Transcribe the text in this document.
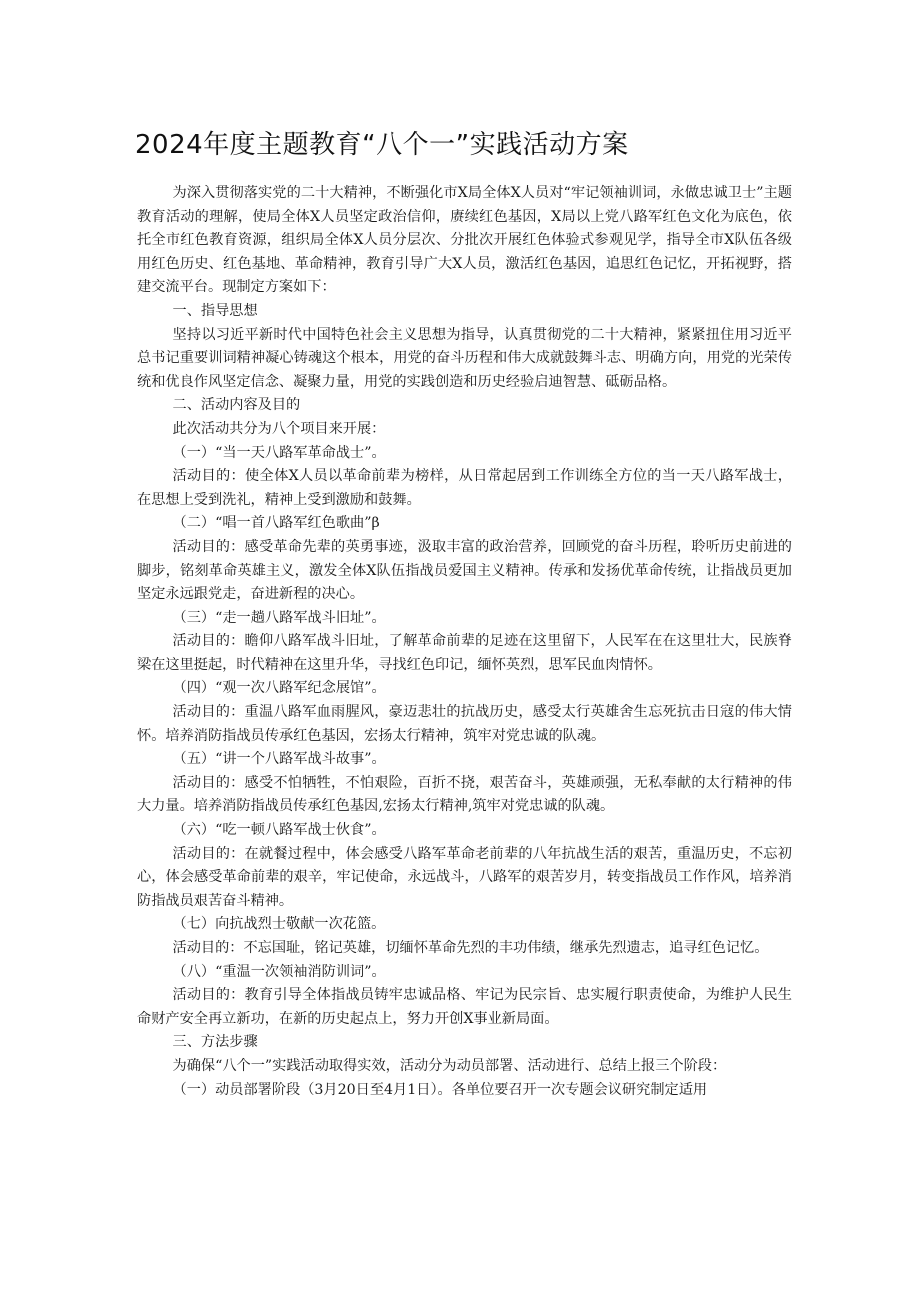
2024年度主题教育“八个一”实践活动方案

为深入贯彻落实党的二十大精神，不断强化市X局全体X人员对“牢记领袖训词，永做忠诚卫士”主题教育活动的理解，使局全体X人员坚定政治信仰，赓续红色基因，X局以上党八路军红色文化为底色，依托全市红色教育资源，组织局全体X人员分层次、分批次开展红色体验式参观见学，指导全市X队伍各级用红色历史、红色基地、革命精神，教育引导广大X人员，激活红色基因，追思红色记忆，开拓视野，搭建交流平台。现制定方案如下：

一、指导思想

坚持以习近平新时代中国特色社会主义思想为指导，认真贯彻党的二十大精神，紧紧扭住用习近平总书记重要训词精神凝心铸魂这个根本，用党的奋斗历程和伟大成就鼓舞斗志、明确方向，用党的光荣传统和优良作风坚定信念、凝聚力量，用党的实践创造和历史经验启迪智慧、砥砺品格。

二、活动内容及目的

此次活动共分为八个项目来开展：

（一）“当一天八路军革命战士”。

活动目的：使全体X人员以革命前辈为榜样，从日常起居到工作训练全方位的当一天八路军战士，在思想上受到洗礼，精神上受到激励和鼓舞。

（二）“唱一首八路军红色歌曲”β

活动目的：感受革命先辈的英勇事迹，汲取丰富的政治营养，回顾党的奋斗历程，聆听历史前进的脚步，铭刻革命英雄主义，激发全体X队伍指战员爱国主义精神。传承和发扬优革命传统，让指战员更加坚定永远跟党走，奋进新程的决心。

（三）“走一趟八路军战斗旧址”。

活动目的：瞻仰八路军战斗旧址，了解革命前辈的足迹在这里留下，人民军在在这里壮大，民族脊梁在这里挺起，时代精神在这里升华，寻找红色印记，缅怀英烈，思军民血肉情怀。

（四）“观一次八路军纪念展馆”。

活动目的：重温八路军血雨腥风，豪迈悲壮的抗战历史，感受太行英雄舍生忘死抗击日寇的伟大情怀。培养消防指战员传承红色基因，宏扬太行精神，筑牢对党忠诚的队魂。

（五）“讲一个八路军战斗故事”。

活动目的：感受不怕牺牲，不怕艰险，百折不挠，艰苦奋斗，英雄顽强，无私奉献的太行精神的伟大力量。培养消防指战员传承红色基因,宏扬太行精神,筑牢对党忠诚的队魂。

（六）“吃一顿八路军战士伙食”。

活动目的：在就餐过程中，体会感受八路军革命老前辈的八年抗战生活的艰苦，重温历史，不忘初心，体会感受革命前辈的艰辛，牢记使命，永远战斗，八路军的艰苦岁月，转变指战员工作作风，培养消防指战员艰苦奋斗精神。

（七）向抗战烈士敬献一次花篮。

活动目的：不忘国耻，铭记英雄，切缅怀革命先烈的丰功伟绩，继承先烈遗志，追寻红色记忆。

（八）“重温一次领袖消防训词”。

活动目的：教育引导全体指战员铸牢忠诚品格、牢记为民宗旨、忠实履行职责使命，为维护人民生命财产安全再立新功，在新的历史起点上，努力开创X事业新局面。

三、方法步骤

为确保“八个一”实践活动取得实效，活动分为动员部署、活动进行、总结上报三个阶段：

（一）动员部署阶段（3月20日至4月1日）。各单位要召开一次专题会议研究制定适用
